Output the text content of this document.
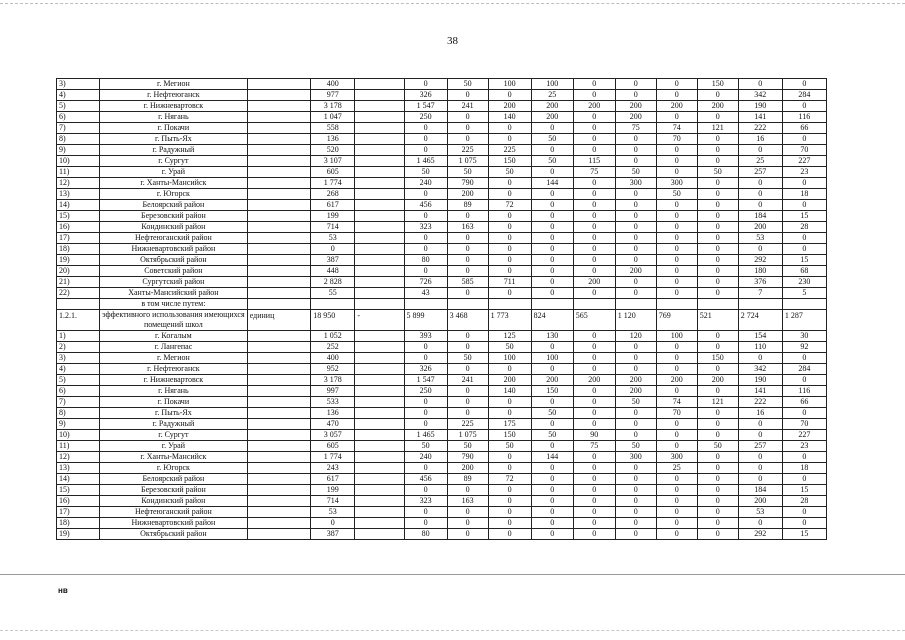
38
3)	г. Мегион		400		0	50	100	100	0	0	0	150	0	0
4)	г. Нефтеюганск		977		326	0	0	25	0	0	0	0	342	284
5)	г. Нижневартовск		3 178		1 547	241	200	200	200	200	200	200	190	0
6)	г. Нягань		1 047		250	0	140	200	0	200	0	0	141	116
7)	г. Покачи		558		0	0	0	0	0	75	74	121	222	66
8)	г. Пыть-Ях		136		0	0	0	50	0	0	70	0	16	0
9)	г. Радужный		520		0	225	225	0	0	0	0	0	0	70
10)	г. Сургут		3 107		1 465	1 075	150	50	115	0	0	0	25	227
11)	г. Урай		605		50	50	50	0	75	50	0	50	257	23
12)	г. Ханты-Мансийск		1 774		240	790	0	144	0	300	300	0	0	0
13)	г. Югорск		268		0	200	0	0	0	0	50	0	0	18
14)	Белоярский район		617		456	89	72	0	0	0	0	0	0	0
15)	Березовский район		199		0	0	0	0	0	0	0	0	184	15
16)	Кондинский район		714		323	163	0	0	0	0	0	0	200	28
17)	Нефтеюганский район		53		0	0	0	0	0	0	0	0	53	0
18)	Нижневартовский район		0		0	0	0	0	0	0	0	0	0	0
19)	Октябрьский район		387		80	0	0	0	0	0	0	0	292	15
20)	Советский район		448		0	0	0	0	0	200	0	0	180	68
21)	Сургутский район		2 828		726	585	711	0	200	0	0	0	376	230
22)	Ханты-Мансийский район		55		43	0	0	0	0	0	0	0	7	5
	в том числе путем:													
1.2.1.	эффективного использования имеющихся помещений школ	единиц	18 950	-	5 899	3 468	1 773	824	565	1 120	769	521	2 724	1 287
1)	г. Когалым		1 052		393	0	125	130	0	120	100	0	154	30
2)	г. Лангепас		252		0	0	50	0	0	0	0	0	110	92
3)	г. Мегион		400		0	50	100	100	0	0	0	150	0	0
4)	г. Нефтеюганск		952		326	0	0	0	0	0	0	0	342	284
5)	г. Нижневартовск		3 178		1 547	241	200	200	200	200	200	200	190	0
6)	г. Нягань		997		250	0	140	150	0	200	0	0	141	116
7)	г. Покачи		533		0	0	0	0	0	50	74	121	222	66
8)	г. Пыть-Ях		136		0	0	0	50	0	0	70	0	16	0
9)	г. Радужный		470		0	225	175	0	0	0	0	0	0	70
10)	г. Сургут		3 057		1 465	1 075	150	50	90	0	0	0	0	227
11)	г. Урай		605		50	50	50	0	75	50	0	50	257	23
12)	г. Ханты-Мансийск		1 774		240	790	0	144	0	300	300	0	0	0
13)	г. Югорск		243		0	200	0	0	0	0	25	0	0	18
14)	Белоярский район		617		456	89	72	0	0	0	0	0	0	0
15)	Березовский район		199		0	0	0	0	0	0	0	0	184	15
16)	Кондинский район		714		323	163	0	0	0	0	0	0	200	28
17)	Нефтеюганский район		53		0	0	0	0	0	0	0	0	53	0
18)	Нижневартовский район		0		0	0	0	0	0	0	0	0	0	0
19)	Октябрьский район		387		80	0	0	0	0	0	0	0	292	15
нв
